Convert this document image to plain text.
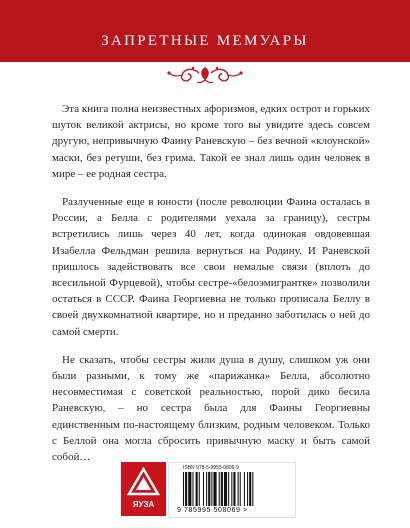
ЗАПРЕТНЫЕ МЕМУАРЫ

Эта книга полна неизвестных афоризмов, едких острот и горьких шуток великой актрисы, но кроме того вы увидите здесь совсем другую, непривычную Фаину Раневскую – без вечной «клоунской» маски, без ретуши, без грима. Такой ее знал лишь один человек в мире – ее родная сестра.

Разлученные еще в юности (после революции Фаина осталась в России, а Белла с родителями уехала за границу), сестры встретились лишь через 40 лет, когда одинокая овдовевшая Изабелла Фельдман решила вернуться на Родину. И Раневской пришлось задействовать все свои немалые связи (вплоть до всесильной Фурцевой), чтобы сестре-«белоэмигрантке» позволили остаться в СССР. Фаина Георгиевна не только прописала Беллу в своей двухкомнатной квартире, но и преданно заботилась о ней до самой смерти.

Не сказать, чтобы сестры жили душа в душу, слишком уж они были разными, к тому же «парижанка» Белла, абсолютно несовместимая с советской реальностью, порой дико бесила Раневскую, – но сестра была для Фаины Георгиевны единственным по-настоящему близким, родным человеком. Только с Беллой она могла сбросить привычную маску и быть самой собой…

ЯУЗА
ISBN 978-5-9955-0806-9
9 785995 508069 >
